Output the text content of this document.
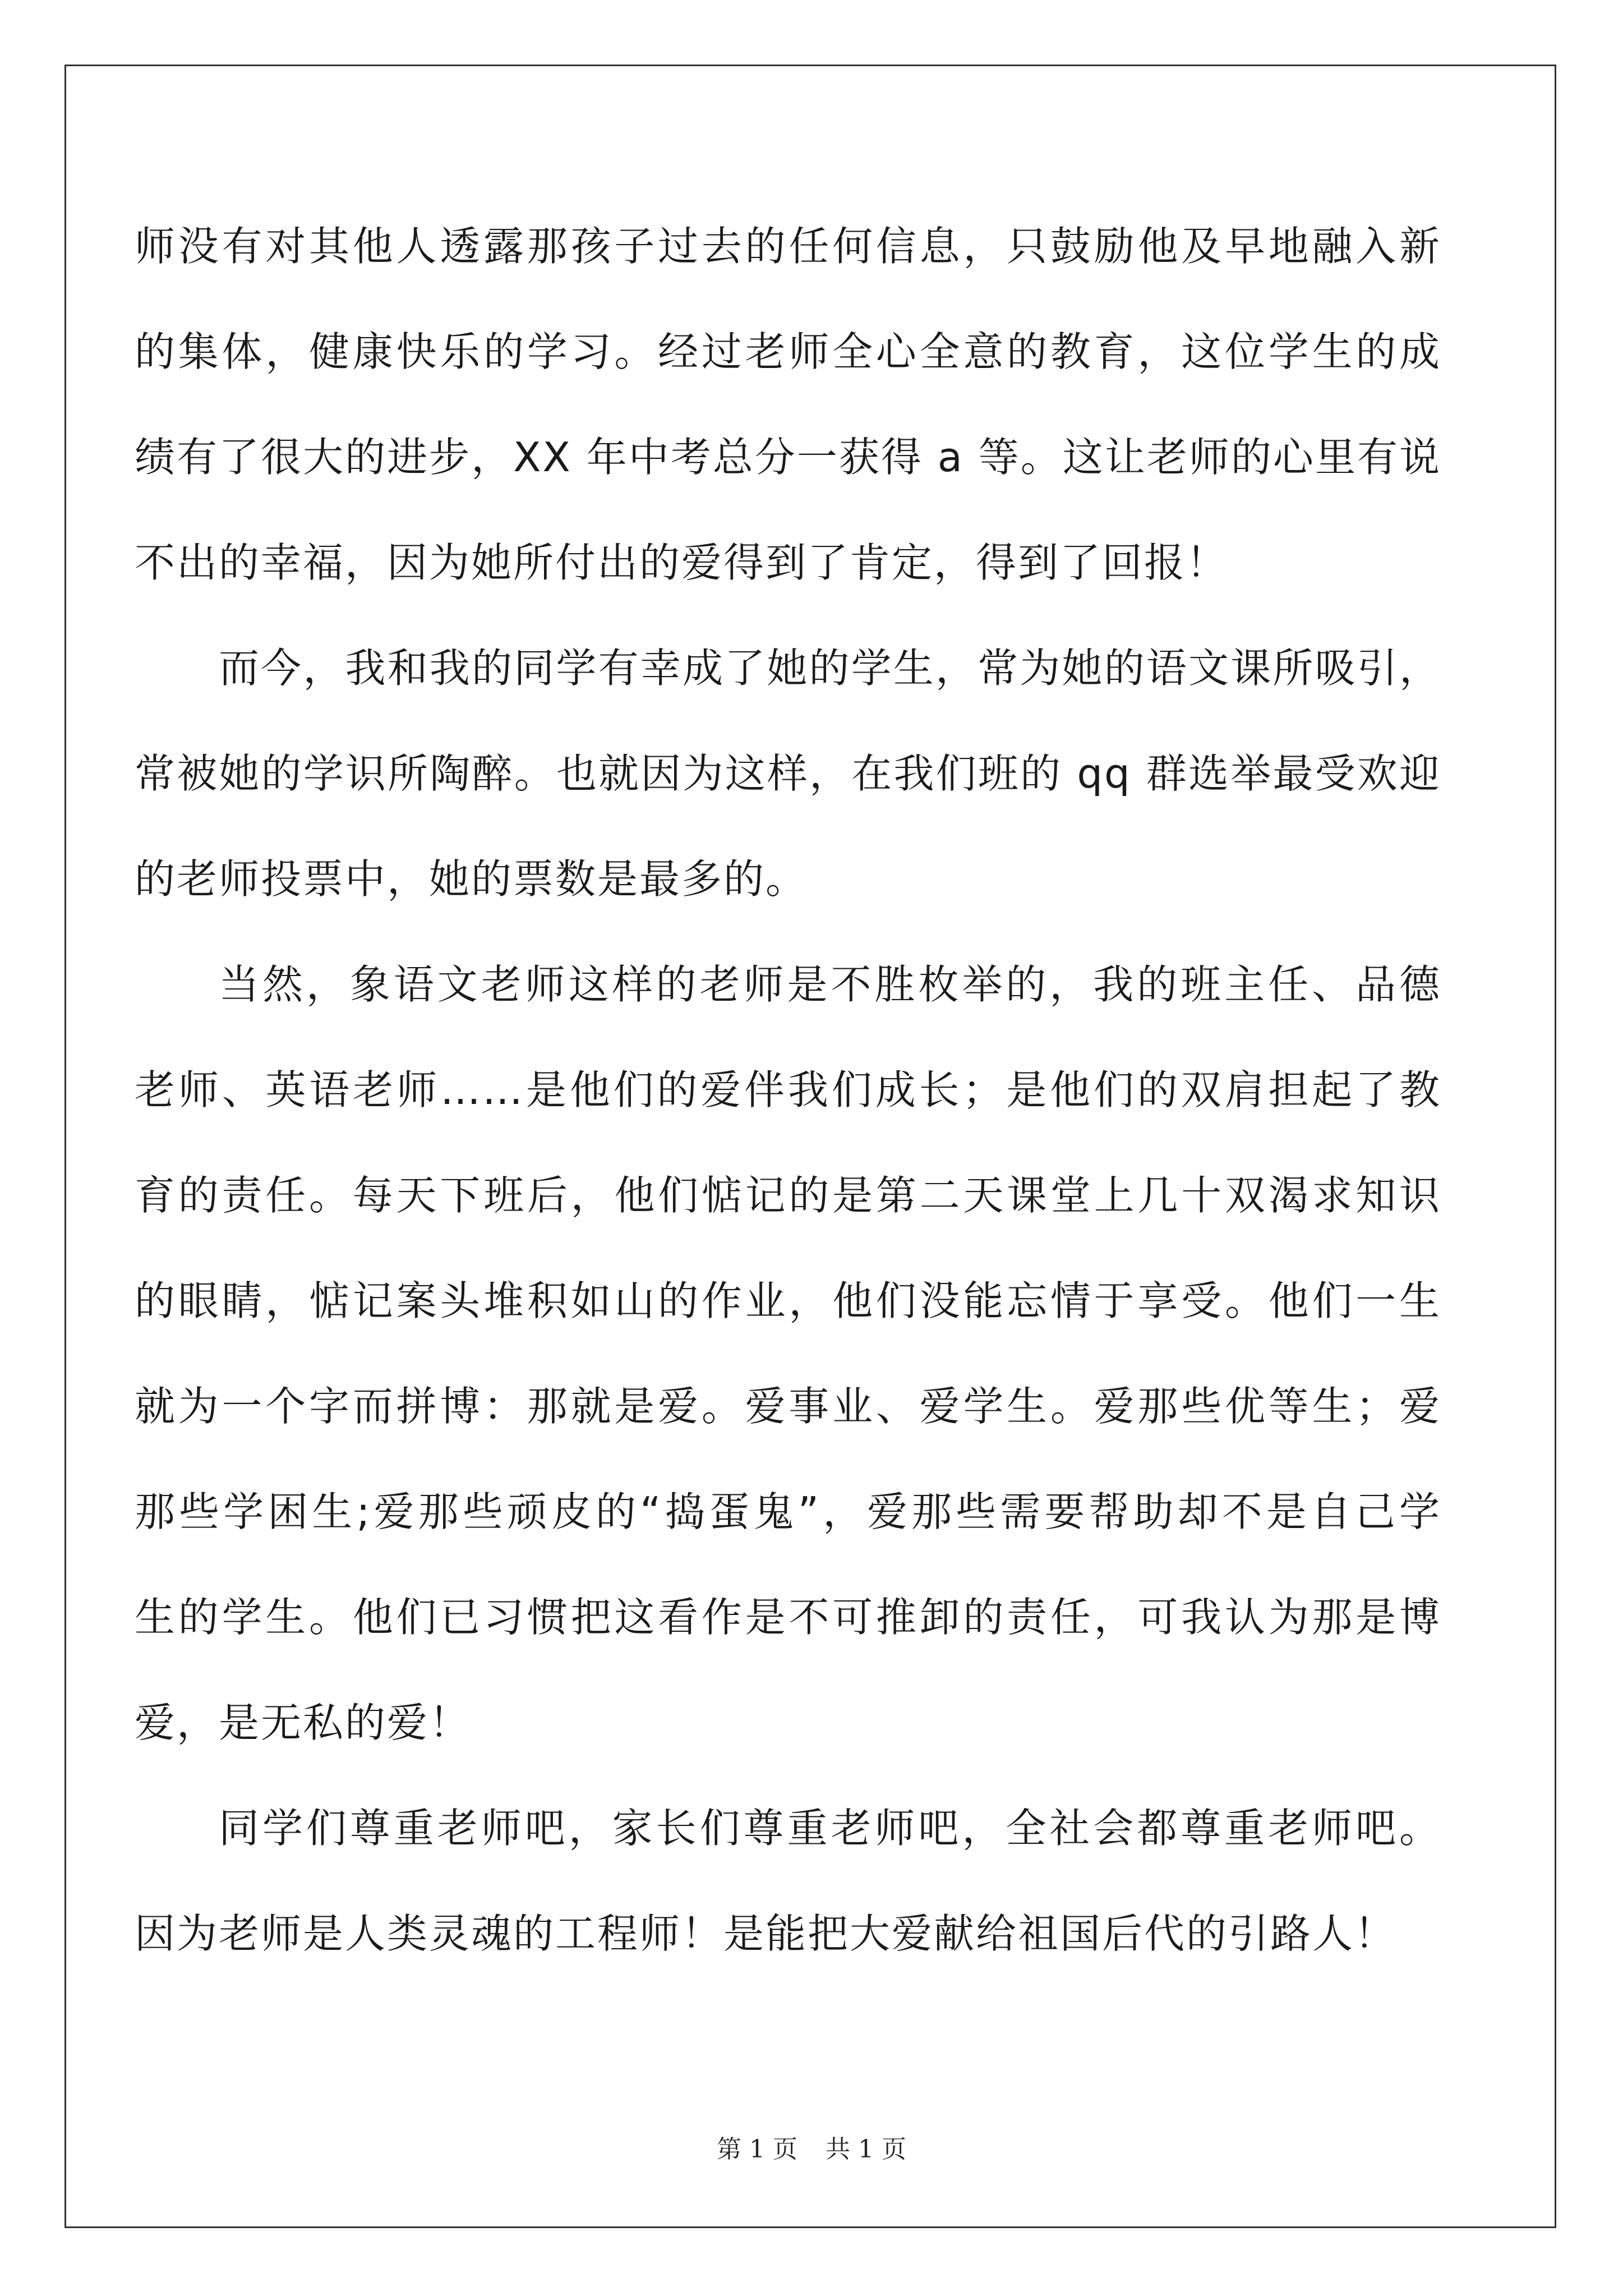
师没有对其他人透露那孩子过去的任何信息，只鼓励他及早地融入新
的集体，健康快乐的学习。经过老师全心全意的教育，这位学生的成
绩有了很大的进步，XX 年中考总分一获得 a 等。这让老师的心里有说
不出的幸福，因为她所付出的爱得到了肯定，得到了回报！

而今，我和我的同学有幸成了她的学生，常为她的语文课所吸引，
常被她的学识所陶醉。也就因为这样，在我们班的 qq 群选举最受欢迎
的老师投票中，她的票数是最多的。

当然，象语文老师这样的老师是不胜枚举的，我的班主任、品德
老师、英语老师……是他们的爱伴我们成长；是他们的双肩担起了教
育的责任。每天下班后，他们惦记的是第二天课堂上几十双渴求知识
的眼睛，惦记案头堆积如山的作业，他们没能忘情于享受。他们一生
就为一个字而拼博：那就是爱。爱事业、爱学生。爱那些优等生；爱
那些学困生;爱那些顽皮的“捣蛋鬼”，爱那些需要帮助却不是自己学
生的学生。他们已习惯把这看作是不可推卸的责任，可我认为那是博
爱，是无私的爱！

同学们尊重老师吧，家长们尊重老师吧，全社会都尊重老师吧。
因为老师是人类灵魂的工程师！是能把大爱献给祖国后代的引路人！

第 1 页 共 1 页
